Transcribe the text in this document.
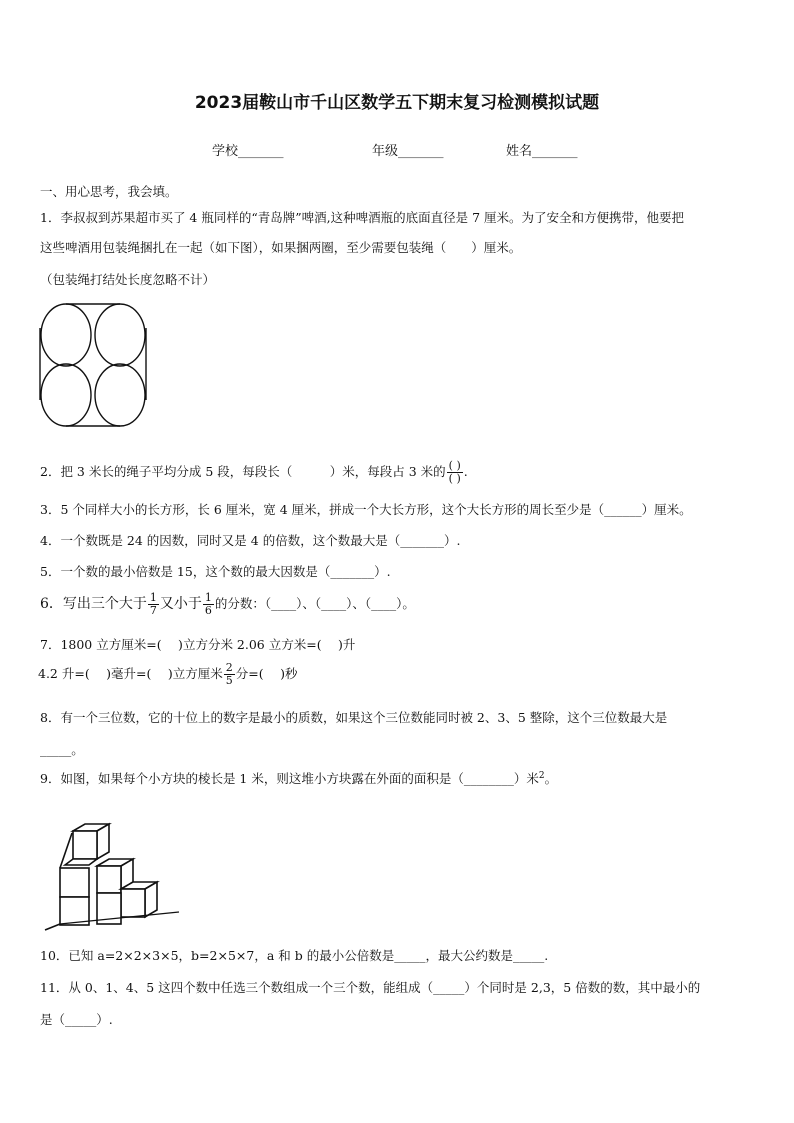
2023届鞍山市千山区数学五下期末复习检测模拟试题
学校_______	年级_______	姓名_______
一、用心思考，我会填。
1．李叔叔到苏果超市买了 4 瓶同样的“青岛牌”啤酒,这种啤酒瓶的底面直径是 7 厘米。为了安全和方便携带，他要把
这些啤酒用包装绳捆扎在一起（如下图），如果捆两圈，至少需要包装绳（　　）厘米。
（包装绳打结处长度忽略不计）
2．把 3 米长的绳子平均分成 5 段，每段长（　　　）米，每段占 3 米的 $\frac{( )}{( )}$ .
3．5 个同样大小的长方形，长 6 厘米，宽 4 厘米，拼成一个大长方形，这个大长方形的周长至少是（______）厘米。
4．一个数既是 24 的因数，同时又是 4 的倍数，这个数最大是（_______）.
5．一个数的最小倍数是 15，这个数的最大因数是（_______）.
6．写出三个大于 $\frac{1}{7}$ 又小于 $\frac{1}{6}$ 的分数：（____）、（____）、（____）。
7．1800 立方厘米=(　 )立方分米 2.06 立方米=(　 )升
4.2 升=(　 )毫升=(　 )立方厘米 $\frac{2}{5}$ 分=(　 )秒
8．有一个三位数，它的十位上的数字是最小的质数，如果这个三位数能同时被 2、3、5 整除，这个三位数最大是
_____。
9．如图，如果每个小方块的棱长是 1 米，则这堆小方块露在外面的面积是（________）米$^2$。
10．已知 a=2×2×3×5，b=2×5×7，a 和 b 的最小公倍数是_____，最大公约数是_____.
11．从 0、1、4、5 这四个数中任选三个数组成一个三个数，能组成（_____）个同时是 2,3，5 倍数的数，其中最小的
是（_____）.
